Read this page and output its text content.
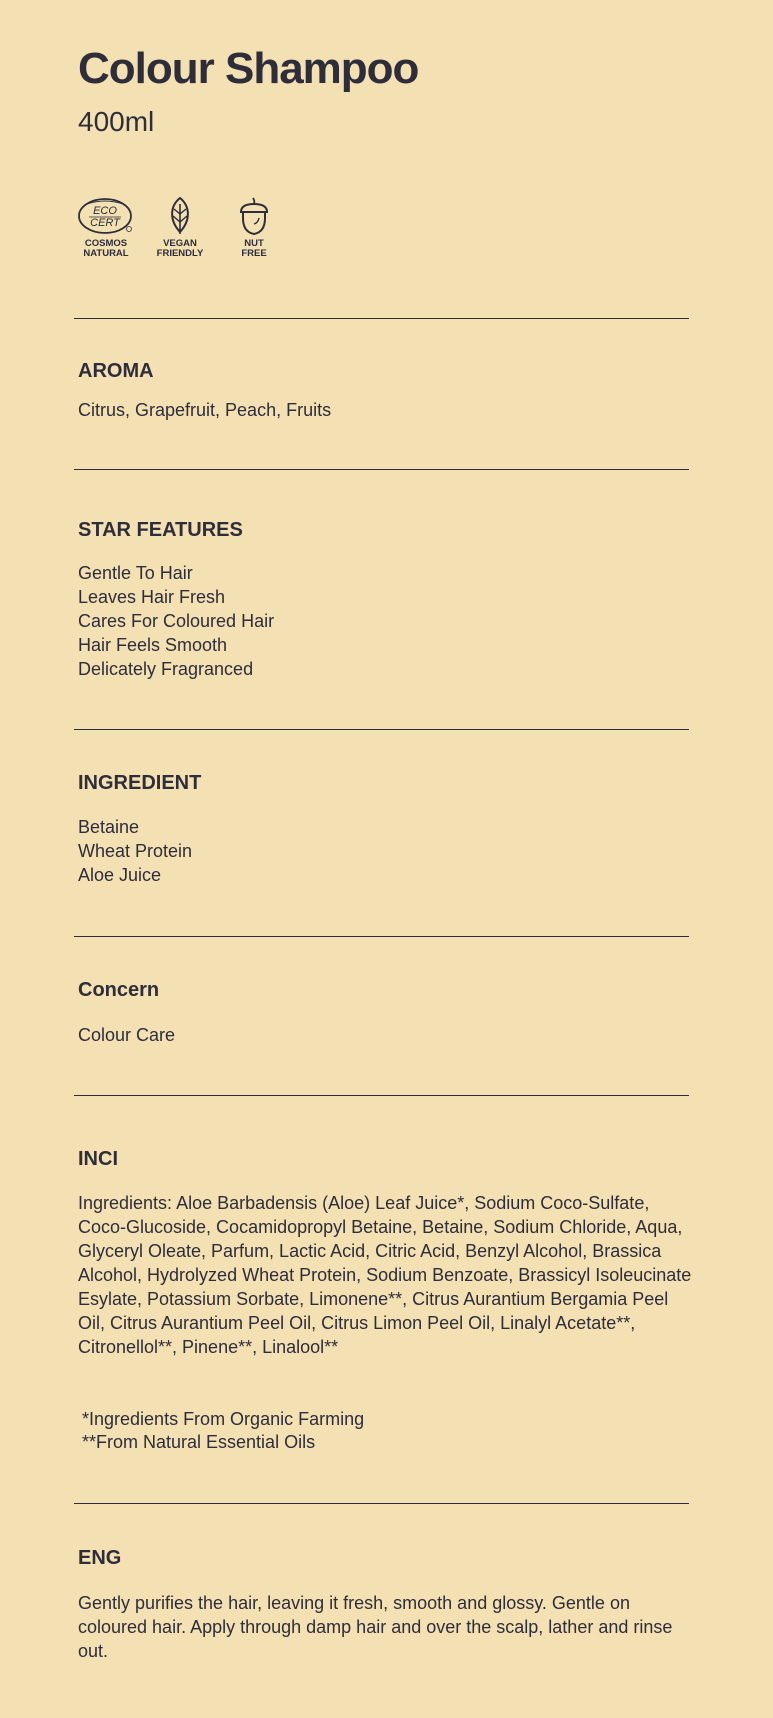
Colour Shampoo
400ml
ECO
CERT
COSMOS
NATURAL
VEGAN
FRIENDLY
NUT
FREE
AROMA

Citrus, Grapefruit, Peach, Fruits

STAR FEATURES
Gentle To Hair
Leaves Hair Fresh
Cares For Coloured Hair
Hair Feels Smooth
Delicately Fragranced
INGREDIENT
Betaine
Wheat Protein
Aloe Juice
Concern

Colour Care

INCI

Ingredients: Aloe Barbadensis (Aloe) Leaf Juice*, Sodium Coco-Sulfate, Coco-Glucoside, Cocamidopropyl Betaine, Betaine, Sodium Chloride, Aqua, Glyceryl Oleate, Parfum, Lactic Acid, Citric Acid, Benzyl Alcohol, Brassica Alcohol, Hydrolyzed Wheat Protein, Sodium Benzoate, Brassicyl Isoleucinate Esylate, Potassium Sorbate, Limonene**, Citrus Aurantium Bergamia Peel Oil, Citrus Aurantium Peel Oil, Citrus Limon Peel Oil, Linalyl Acetate**, Citronellol**, Pinene**, Linalool**

*Ingredients From Organic Farming
**From Natural Essential Oils
ENG

Gently purifies the hair, leaving it fresh, smooth and glossy. Gentle on coloured hair. Apply through damp hair and over the scalp, lather and rinse out.
